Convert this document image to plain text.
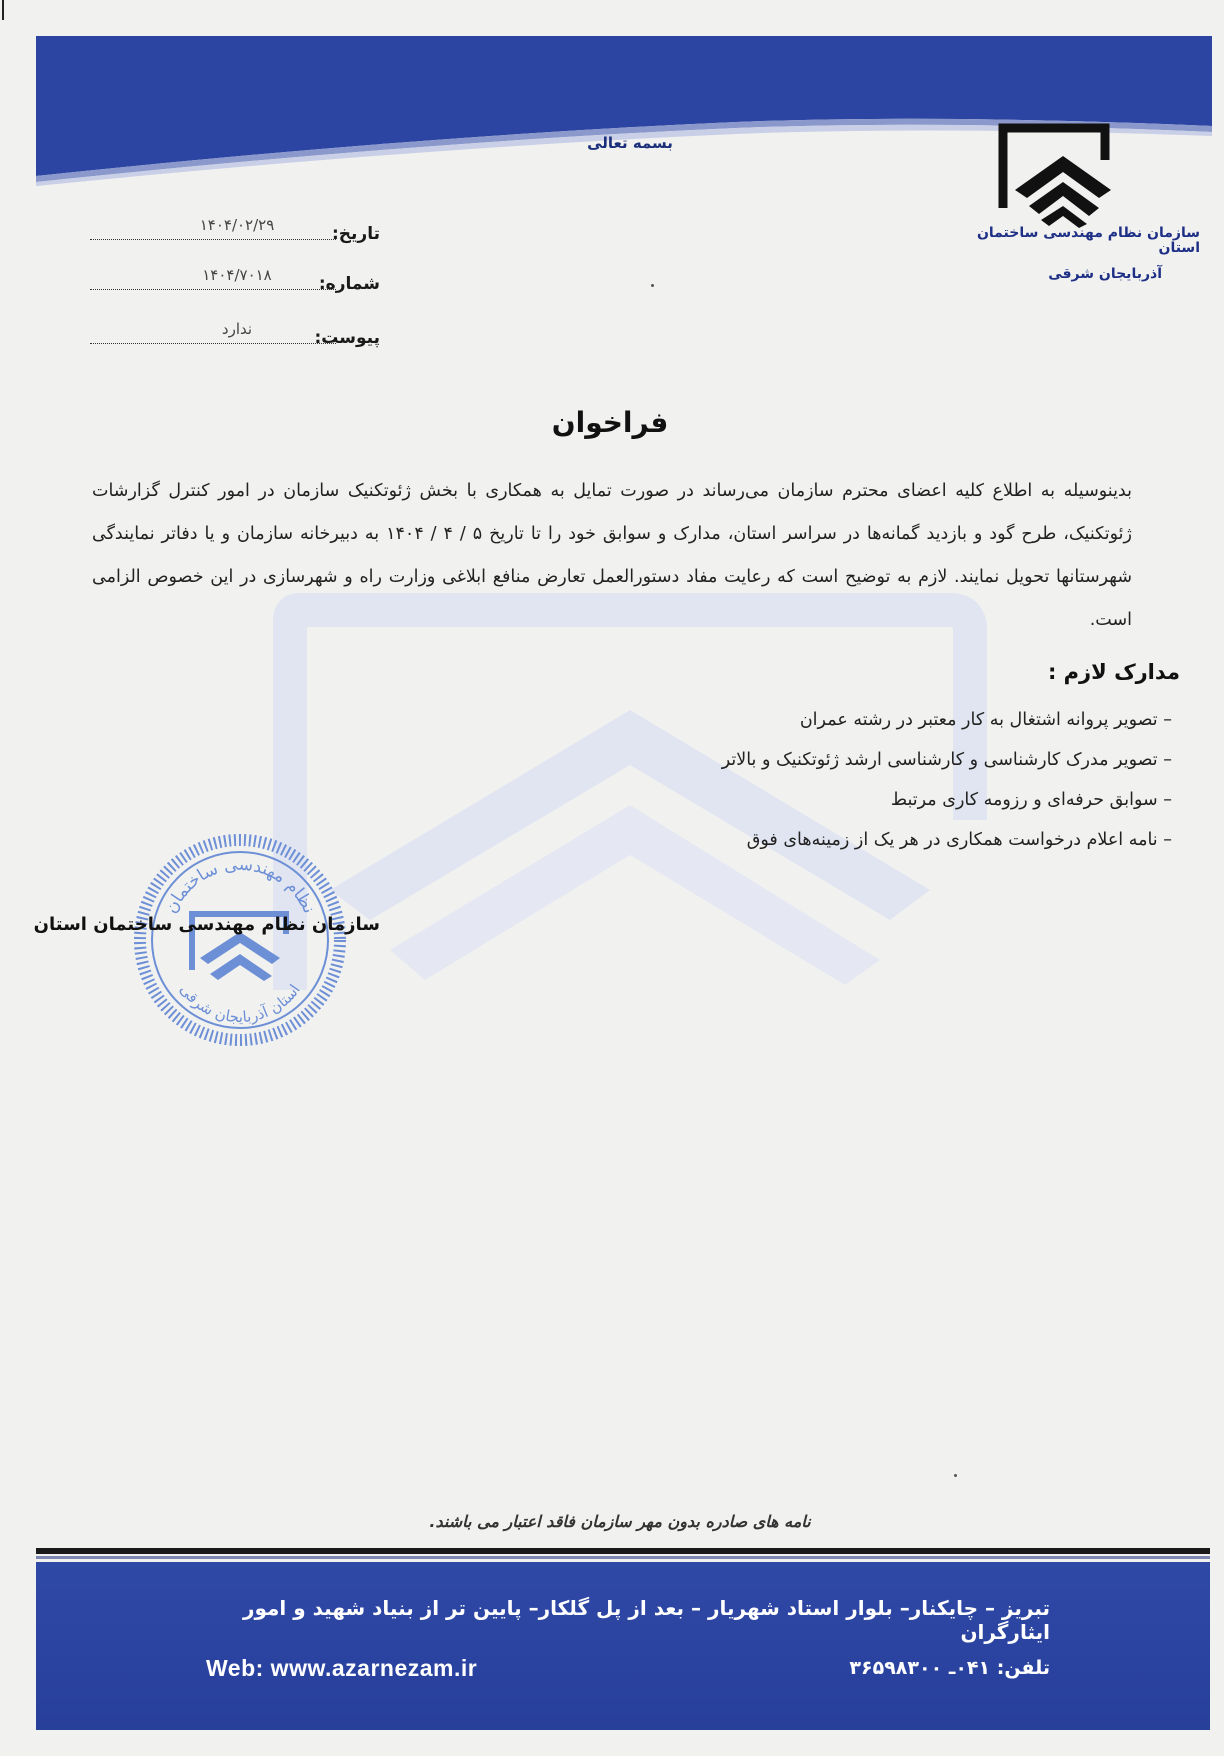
بسمه تعالی
سازمان نظام مهندسی ساختمان استان
آذربایجان شرقی
تاریخ:
۱۴۰۴/۰۲/۲۹
شماره:
۱۴۰۴/۷۰۱۸
پیوست:
ندارد
فراخوان
بدینوسیله به اطلاع کلیه اعضای محترم سازمان می‌رساند در صورت تمایل به همکاری با بخش ژئوتکنیک سازمان در امور کنترل گزارشات ژئوتکنیک، طرح گود و بازدید گمانه‌ها در سراسر استان، مدارک و سوابق خود را تا تاریخ ۵ / ۴ / ۱۴۰۴ به دبیرخانه سازمان و یا دفاتر نمایندگی شهرستانها تحویل نمایند. لازم به توضیح است که رعایت مفاد دستورالعمل تعارض منافع ابلاغی وزارت راه و شهرسازی در این خصوص الزامی است.
مدارک لازم :
– تصویر پروانه اشتغال به کار معتبر در رشته عمران
– تصویر مدرک کارشناسی و کارشناسی ارشد ژئوتکنیک و بالاتر
– سوابق حرفه‌ای و رزومه کاری مرتبط
– نامه اعلام درخواست همکاری در هر یک از زمینه‌های فوق
نظام مهندسی ساختمان
استان آذربایجان شرقی
سازمان نظام مهندسی ساختمان استان
نامه های صادره بدون مهر سازمان فاقد اعتبار می باشند.
تبریز – چایکنار– بلوار استاد شهریار – بعد از پل گلکار– پایین تر از بنیاد شهید و امور ایثارگران
تلفن: ۰۴۱ـ ۳۶۵۹۸۳۰۰
Web: www.azarnezam.ir
